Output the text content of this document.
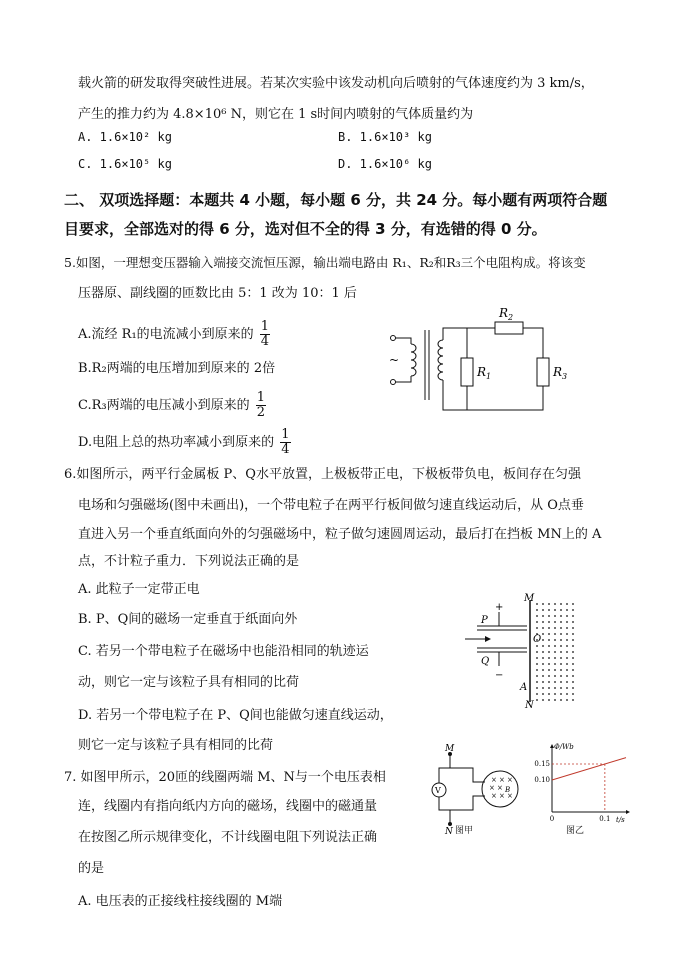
载火箭的研发取得突破性进展。若某次实验中该发动机向后喷射的气体速度约为 3 km/s，
产生的推力约为 4.8×10⁶ N，则它在 1 s时间内喷射的气体质量约为
A. 1.6×10² kg	B. 1.6×10³ kg
C. 1.6×10⁵ kg	D. 1.6×10⁶ kg
二、 双项选择题：本题共 4 小题，每小题 6 分，共 24 分。每小题有两项符合题
目要求，全部选对的得 6 分，选对但不全的得 3 分，有选错的得 0 分。
5.如图，一理想变压器输入端接交流恒压源，输出端电路由 R₁、R₂和R₃三个电阻构成。将该变
压器原、副线圈的匝数比由 5：1 改为 10：1 后
A.流经 R₁的电流减小到原来的 $\frac{1}{4}$
B.R₂两端的电压增加到原来的 2倍
C.R₃两端的电压减小到原来的 $\frac{1}{2}$
D.电阻上总的热功率减小到原来的 $\frac{1}{4}$
~
$R_1$
$R_2$
$R_3$
6.如图所示，两平行金属板 P、Q水平放置，上极板带正电，下极板带负电，板间存在匀强
电场和匀强磁场(图中未画出)，一个带电粒子在两平行板间做匀速直线运动后，从 O点垂
直进入另一个垂直纸面向外的匀强磁场中，粒子做匀速圆周运动，最后打在挡板 MN上的 A
点，不计粒子重力．下列说法正确的是
A. 此粒子一定带正电
B. P、Q间的磁场一定垂直于纸面向外
C. 若另一个带电粒子在磁场中也能沿相同的轨迹运
动，则它一定与该粒子具有相同的比荷
D. 若另一个带电粒子在 P、Q间也能做匀速直线运动，
则它一定与该粒子具有相同的比荷
+
−
P
Q
O
M
A
N
7. 如图甲所示，20匝的线圈两端 M、N与一个电压表相
连，线圈内有指向纸内方向的磁场，线圈中的磁通量
在按图乙所示规律变化，不计线圈电阻下列说法正确
的是
A. 电压表的正接线柱接线圈的 M端
V
M
N
× × ×
× ×
× × ×
B
图甲
0.15
0.10
0	0.1
Φ/Wb
t/s
图乙
